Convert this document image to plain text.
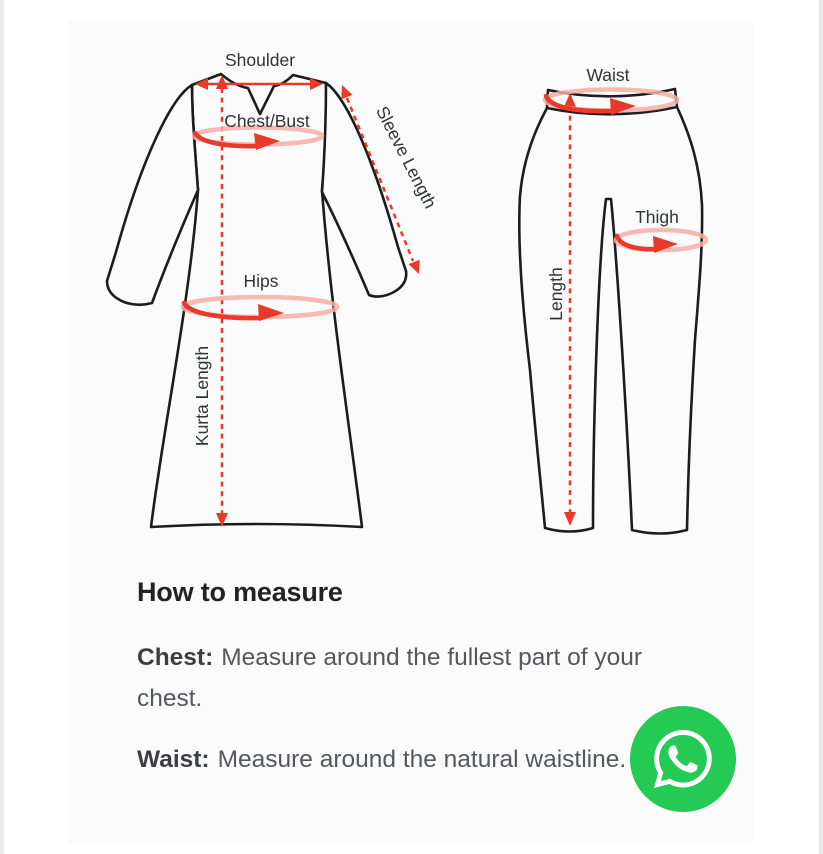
Shoulder
Chest/Bust	Sleeve Length
Hips
Kurta Length
Waist
Thigh
Length
How to measure

Chest: Measure around the fullest part of your chest.

Waist: Measure around the natural waistline.
